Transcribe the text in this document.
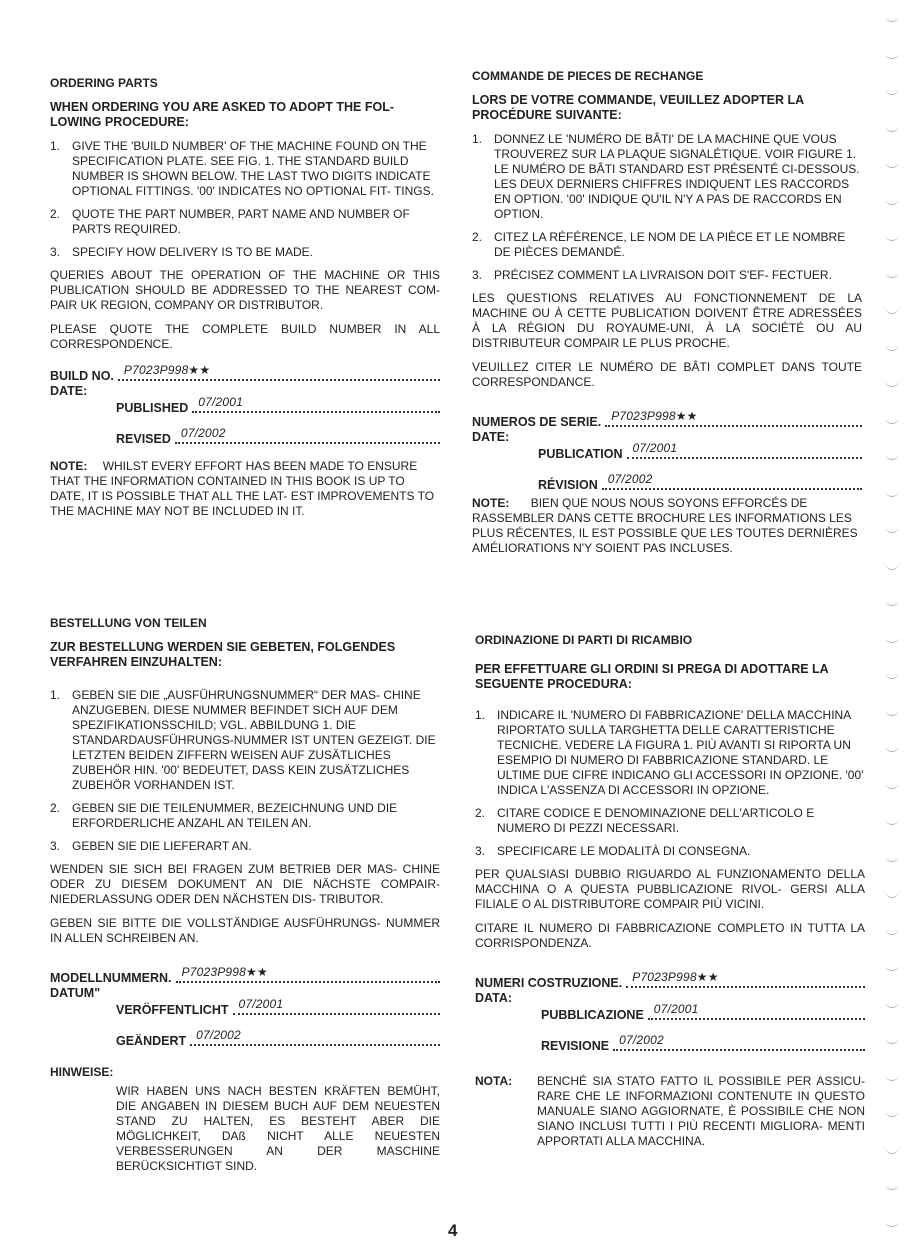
ORDERING PARTS
WHEN ORDERING YOU ARE ASKED TO ADOPT THE FOL- LOWING PROCEDURE:
1. GIVE THE 'BUILD NUMBER' OF THE MACHINE FOUND ON THE SPECIFICATION PLATE. SEE FIG. 1. THE STANDARD BUILD NUMBER IS SHOWN BELOW. THE LAST TWO DIGITS INDICATE OPTIONAL FITTINGS. '00' INDICATES NO OPTIONAL FIT- TINGS.
2. QUOTE THE PART NUMBER, PART NAME AND NUMBER OF PARTS REQUIRED.
3. SPECIFY HOW DELIVERY IS TO BE MADE.

QUERIES ABOUT THE OPERATION OF THE MACHINE OR THIS PUBLICATION SHOULD BE ADDRESSED TO THE NEAREST COM- PAIR UK REGION, COMPANY OR DISTRIBUTOR.

PLEASE QUOTE THE COMPLETE BUILD NUMBER IN ALL CORRESPONDENCE.

BUILD NO. P7023P998★★
DATE:
PUBLISHED 07/2001
REVISED 07/2002
NOTE: WHILST EVERY EFFORT HAS BEEN MADE TO ENSURE THAT THE INFORMATION CONTAINED IN THIS BOOK IS UP TO DATE, IT IS POSSIBLE THAT ALL THE LAT- EST IMPROVEMENTS TO THE MACHINE MAY NOT BE INCLUDED IN IT.
COMMANDE DE PIECES DE RECHANGE
LORS DE VOTRE COMMANDE, VEUILLEZ ADOPTER LA PROCÉDURE SUIVANTE:
1. DONNEZ LE 'NUMÉRO DE BÂTI' DE LA MACHINE QUE VOUS TROUVEREZ SUR LA PLAQUE SIGNALÉTIQUE. VOIR FIGURE 1. LE NUMÉRO DE BÂTI STANDARD EST PRÉSENTÉ CI-DESSOUS. LES DEUX DERNIERS CHIFFRES INDIQUENT LES RACCORDS EN OPTION. '00' INDIQUE QU'IL N'Y A PAS DE RACCORDS EN OPTION.
2. CITEZ LA RÉFÉRENCE, LE NOM DE LA PIÈCE ET LE NOMBRE DE PIÈCES DEMANDÉ.
3. PRÉCISEZ COMMENT LA LIVRAISON DOIT S'EF- FECTUER.

LES QUESTIONS RELATIVES AU FONCTIONNEMENT DE LA MACHINE OU À CETTE PUBLICATION DOIVENT ÊTRE ADRESSÉES À LA RÉGION DU ROYAUME-UNI, À LA SOCIÉTÉ OU AU DISTRIBUTEUR COMPAIR LE PLUS PROCHE.

VEUILLEZ CITER LE NUMÉRO DE BÂTI COMPLET DANS TOUTE CORRESPONDANCE.

NUMEROS DE SERIE. P7023P998★★
DATE:
PUBLICATION 07/2001
RÉVISION 07/2002
NOTE: BIEN QUE NOUS NOUS SOYONS EFFORCÉS DE RASSEMBLER DANS CETTE BROCHURE LES INFORMATIONS LES PLUS RÉCENTES, IL EST POSSIBLE QUE LES TOUTES DERNIÈRES AMÉLIORATIONS N'Y SOIENT PAS INCLUSES.
BESTELLUNG VON TEILEN
ZUR BESTELLUNG WERDEN SIE GEBETEN, FOLGENDES VERFAHREN EINZUHALTEN:
1. GEBEN SIE DIE „AUSFÜHRUNGSNUMMER“ DER MAS- CHINE ANZUGEBEN. DIESE NUMMER BEFINDET SICH AUF DEM SPEZIFIKATIONSSCHILD; VGL. ABBILDUNG 1. DIE STANDARDAUSFÜHRUNGS-NUMMER IST UNTEN GEZEIGT. DIE LETZTEN BEIDEN ZIFFERN WEISEN AUF ZUSÄTLICHES ZUBEHÖR HIN. '00' BEDEUTET, DASS KEIN ZUSÄTZLICHES ZUBEHÖR VORHANDEN IST.
2. GEBEN SIE DIE TEILENUMMER, BEZEICHNUNG UND DIE ERFORDERLICHE ANZAHL AN TEILEN AN.
3. GEBEN SIE DIE LIEFERART AN.

WENDEN SIE SICH BEI FRAGEN ZUM BETRIEB DER MAS- CHINE ODER ZU DIESEM DOKUMENT AN DIE NÄCHSTE COMPAIR-NIEDERLASSUNG ODER DEN NÄCHSTEN DIS- TRIBUTOR.

GEBEN SIE BITTE DIE VOLLSTÄNDIGE AUSFÜHRUNGS- NUMMER IN ALLEN SCHREIBEN AN.

MODELLNUMMERN. P7023P998★★
DATUM"
VERÖFFENTLICHT 07/2001
GEÄNDERT 07/2002
HINWEISE:
WIR HABEN UNS NACH BESTEN KRÄFTEN BEMÜHT, DIE ANGABEN IN DIESEM BUCH AUF DEM NEUESTEN STAND ZU HALTEN, ES BESTEHT ABER DIE MÖGLICHKEIT, DAß NICHT ALLE NEUESTEN VERBESSERUNGEN AN DER MASCHINE BERÜCKSICHTIGT SIND.
ORDINAZIONE DI PARTI DI RICAMBIO
PER EFFETTUARE GLI ORDINI SI PREGA DI ADOTTARE LA SEGUENTE PROCEDURA:
1. INDICARE IL 'NUMERO DI FABBRICAZIONE' DELLA MACCHINA RIPORTATO SULLA TARGHETTA DELLE CARATTERISTICHE TECNICHE. VEDERE LA FIGURA 1. PIÙ AVANTI SI RIPORTA UN ESEMPIO DI NUMERO DI FABBRICAZIONE STANDARD. LE ULTIME DUE CIFRE INDICANO GLI ACCESSORI IN OPZIONE. '00' INDICA L'ASSENZA DI ACCESSORI IN OPZIONE.
2. CITARE CODICE E DENOMINAZIONE DELL'ARTICOLO E NUMERO DI PEZZI NECESSARI.
3. SPECIFICARE LE MODALITÀ DI CONSEGNA.

PER QUALSIASI DUBBIO RIGUARDO AL FUNZIONAMENTO DELLA MACCHINA O A QUESTA PUBBLICAZIONE RIVOL- GERSI ALLA FILIALE O AL DISTRIBUTORE COMPAIR PIÙ VICINI.

CITARE IL NUMERO DI FABBRICAZIONE COMPLETO IN TUTTA LA CORRISPONDENZA.

NUMERI COSTRUZIONE. P7023P998★★
DATA:
PUBBLICAZIONE 07/2001
REVISIONE 07/2002
NOTA:	BENCHÉ SIA STATO FATTO IL POSSIBILE PER ASSICU- RARE CHE LE INFORMAZIONI CONTENUTE IN QUESTO MANUALE SIANO AGGIORNATE, È POSSIBILE CHE NON SIANO INCLUSI TUTTI I PIÙ RECENTI MIGLIORA- MENTI APPORTATI ALLA MACCHINA.
4
